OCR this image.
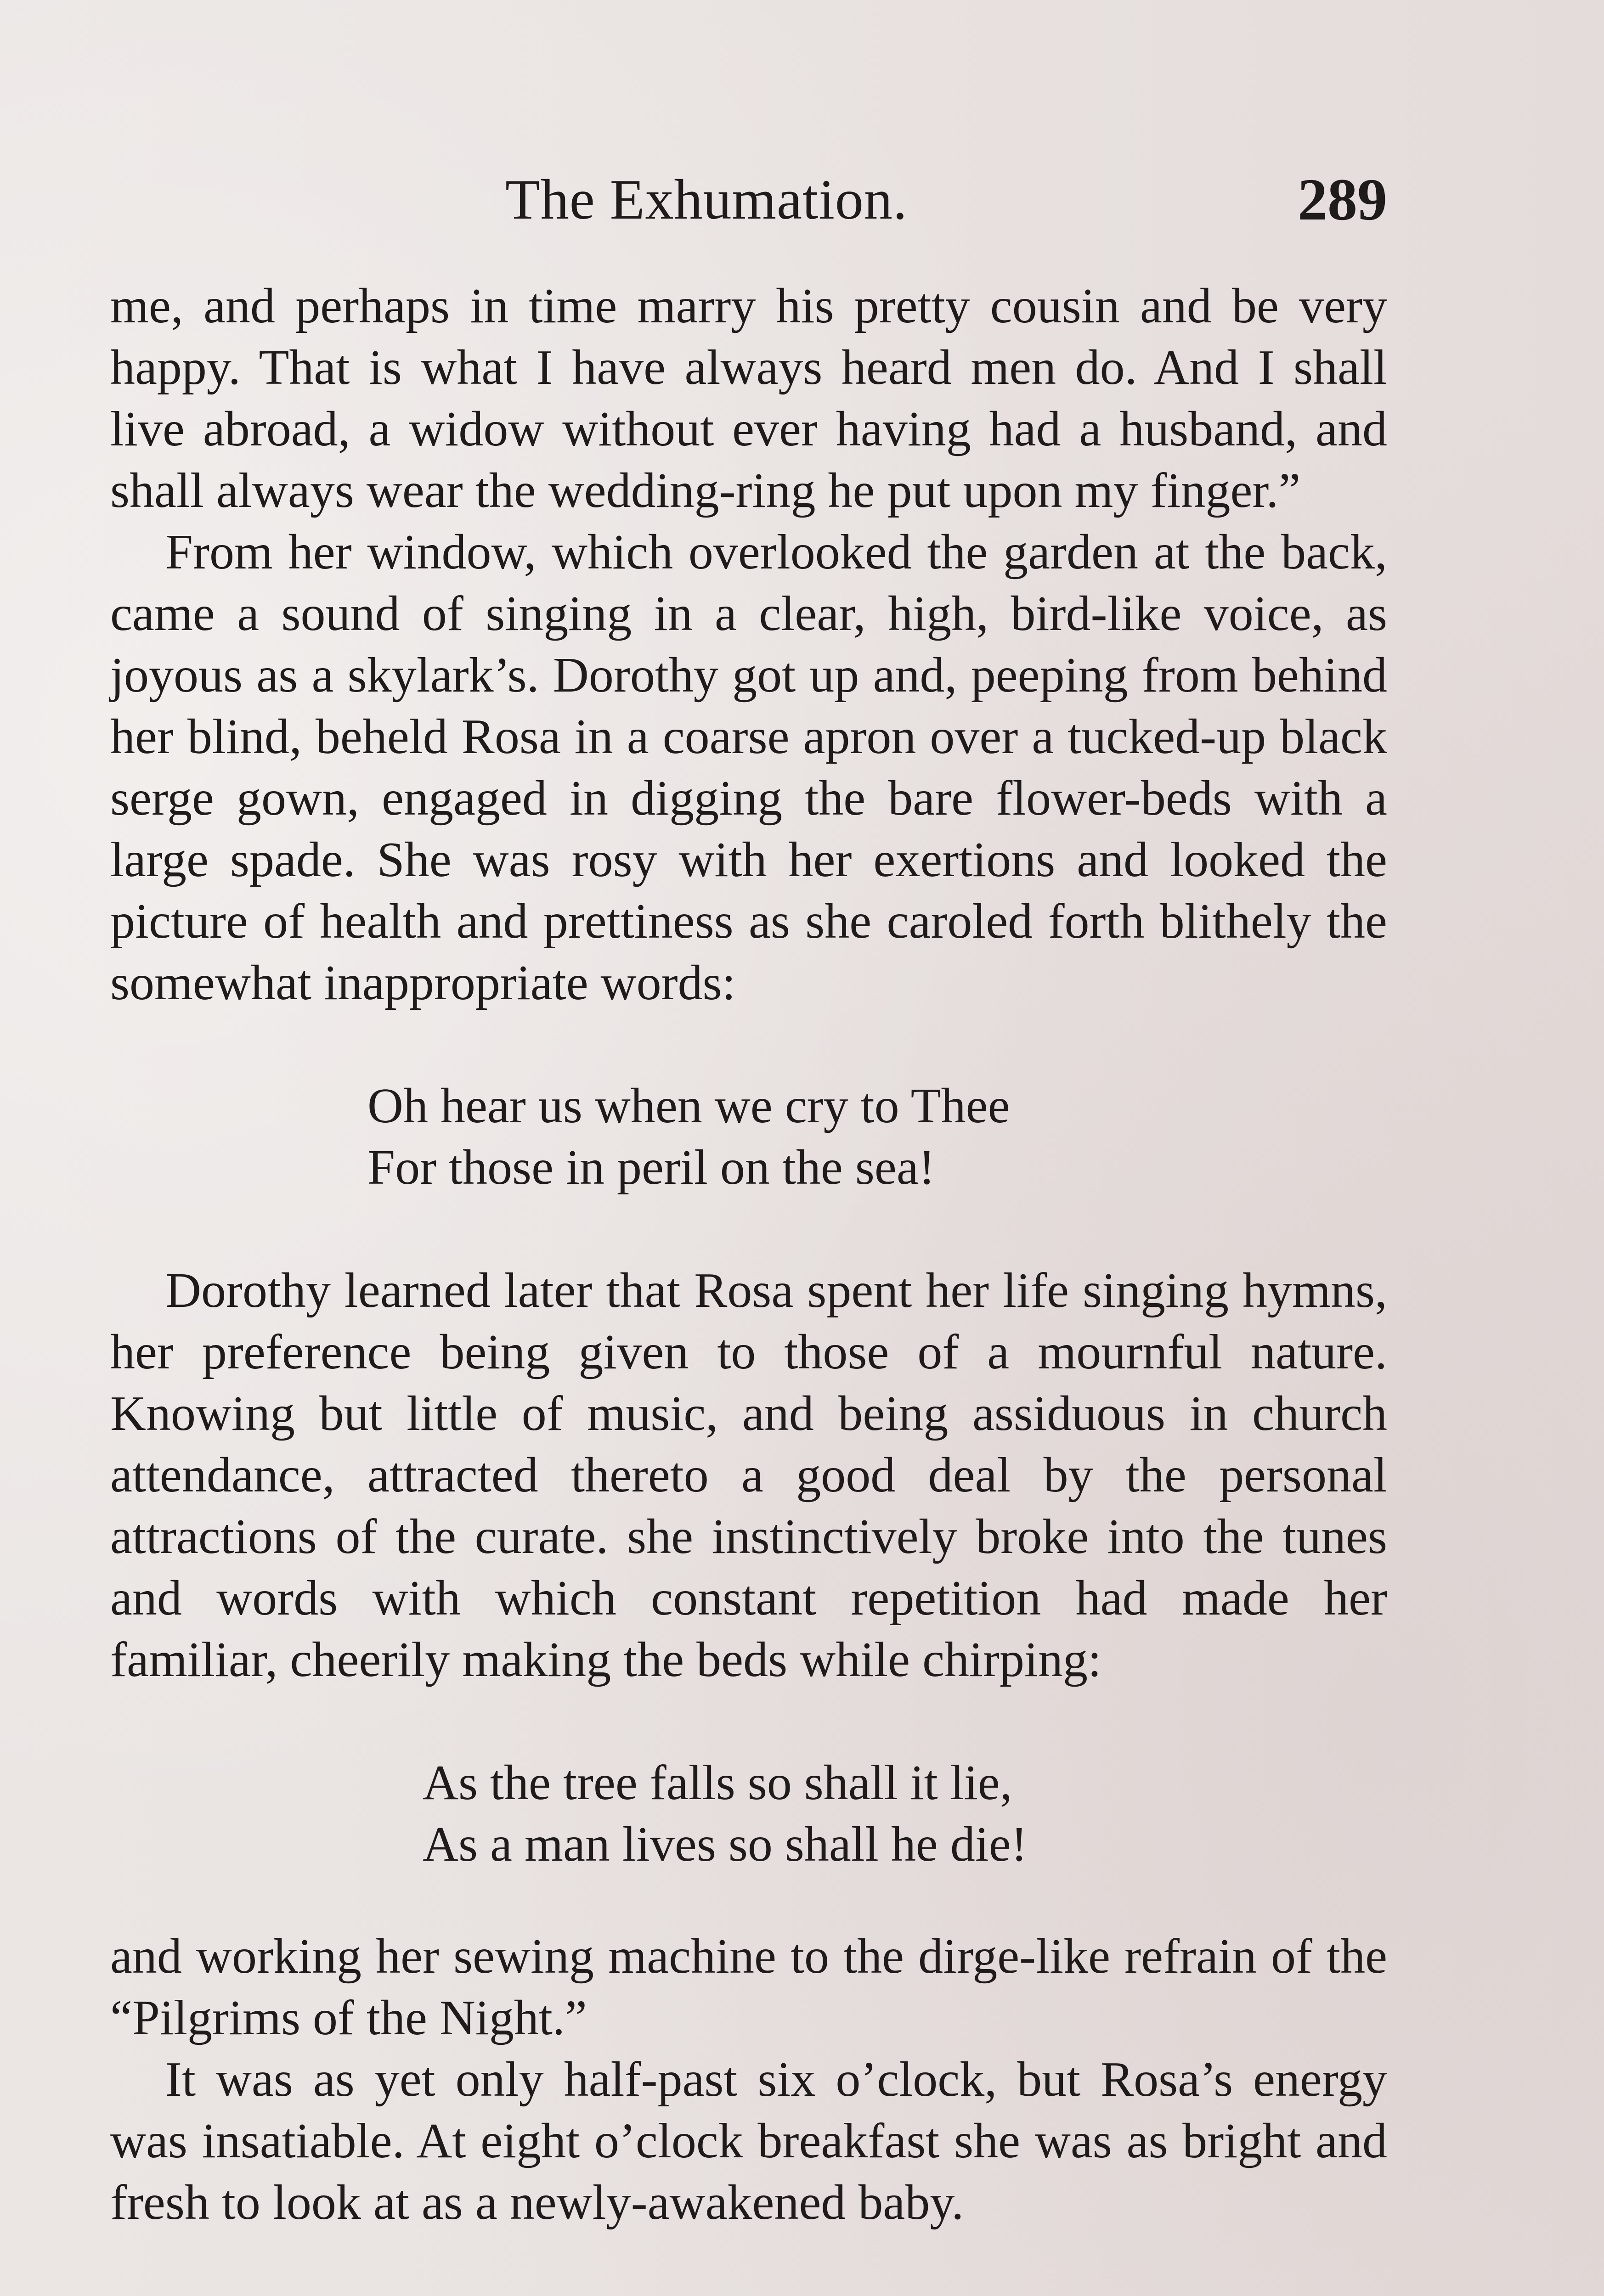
The Exhumation.	289

me, and perhaps in time marry his pretty cousin and be very happy. That is what I have always heard men do. And I shall live abroad, a widow without ever having had a husband, and shall always wear the wedding-ring he put upon my finger.”

From her window, which overlooked the garden at the back, came a sound of singing in a clear, high, bird-like voice, as joyous as a skylark’s. Dorothy got up and, peeping from behind her blind, beheld Rosa in a coarse apron over a tucked-up black serge gown, engaged in digging the bare flower-beds with a large spade. She was rosy with her exertions and looked the picture of health and prettiness as she caroled forth blithely the somewhat inappropriate words:

Oh hear us when we cry to Thee
For those in peril on the sea!

Dorothy learned later that Rosa spent her life singing hymns, her preference being given to those of a mournful nature. Knowing but little of music, and being assiduous in church attendance, attracted thereto a good deal by the personal attractions of the curate. she instinctively broke into the tunes and words with which constant repetition had made her familiar, cheerily making the beds while chirping:

As the tree falls so shall it lie,
As a man lives so shall he die!

and working her sewing machine to the dirge-like refrain of the “Pilgrims of the Night.”

It was as yet only half-past six o’clock, but Rosa’s energy was insatiable. At eight o’clock breakfast she was as bright and fresh to look at as a newly-awakened baby.
